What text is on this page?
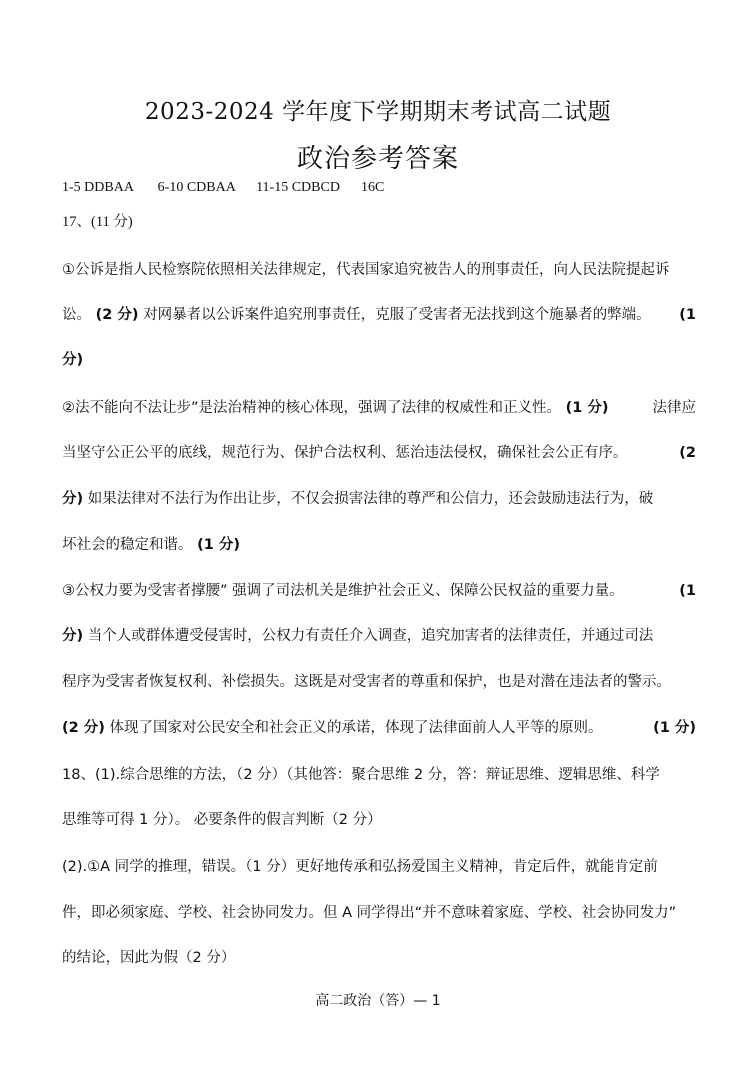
2023-2024 学年度下学期期末考试高二试题
政治参考答案
1-5 DDBAA       6-10 CDBAA      11-15 CDBCD      16C
17、(11 分)
①公诉是指人民检察院依照相关法律规定，代表国家追究被告人的刑事责任，向人民法院提起诉
讼。 (2 分) 对网暴者以公诉案件追究刑事责任，克服了受害者无法找到这个施暴者的弊端。 (1
分)
②法不能向不法让步”是法治精神的核心体现，强调了法律的权威性和正义性。 (1 分)	法律应
当坚守公正公平的底线，规范行为、保护合法权利、惩治违法侵权，确保社会公正有序。	(2
分) 如果法律对不法行为作出让步，不仅会损害法律的尊严和公信力，还会鼓励违法行为，破
坏社会的稳定和谐。 (1 分)
③公权力要为受害者撑腰” 强调了司法机关是维护社会正义、保障公民权益的重要力量。	(1
分) 当个人或群体遭受侵害时，公权力有责任介入调查，追究加害者的法律责任，并通过司法
程序为受害者恢复权利、补偿损失。这既是对受害者的尊重和保护，也是对潜在违法者的警示。
(2 分) 体现了国家对公民安全和社会正义的承诺，体现了法律面前人人平等的原则。	(1 分)
18、(1).综合思维的方法，（2 分）（其他答：聚合思维 2 分，答：辩证思维、逻辑思维、科学
思维等可得 1 分）。 必要条件的假言判断（2 分）
(2).①A 同学的推理，错误。（1 分）更好地传承和弘扬爱国主义精神，肯定后件，就能肯定前
件，即必须家庭、学校、社会协同发力。但 A 同学得出“并不意味着家庭、学校、社会协同发力”
的结论，因此为假（2 分）
高二政治（答）— 1
